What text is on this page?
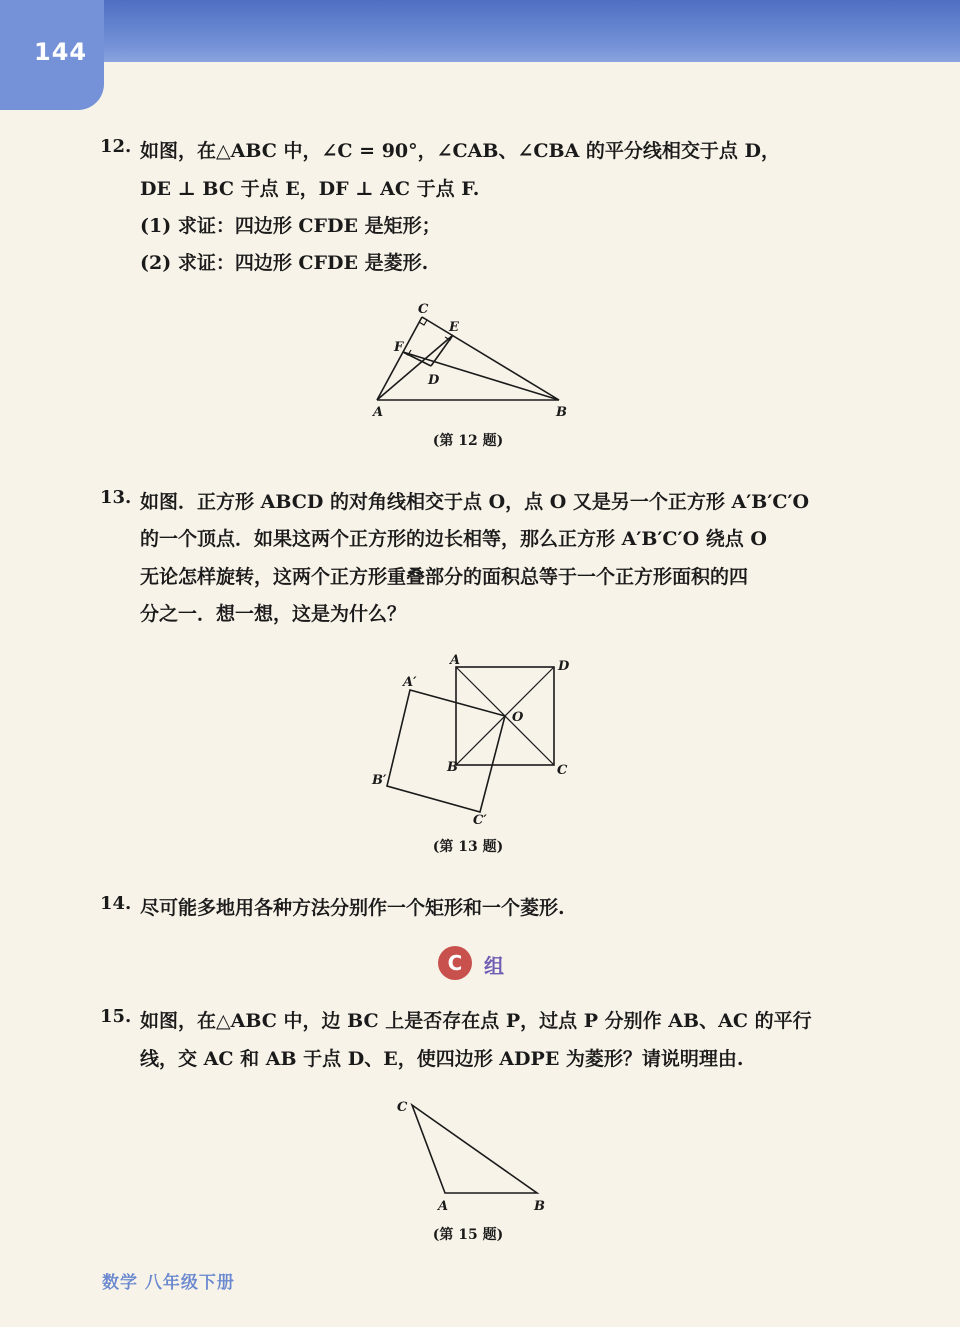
144
12. 如图，在△ABC 中，∠C = 90°，∠CAB、∠CBA 的平分线相交于点 D，
DE ⊥ BC 于点 E，DF ⊥ AC 于点 F.
(1) 求证：四边形 CFDE 是矩形；
(2) 求证：四边形 CFDE 是菱形.
C
E
F
D
A	B
(第 12 题)
13. 如图．正方形 ABCD 的对角线相交于点 O，点 O 又是另一个正方形 A′B′C′O
的一个顶点．如果这两个正方形的边长相等，那么正方形 A′B′C′O 绕点 O
无论怎样旋转，这两个正方形重叠部分的面积总等于一个正方形面积的四
分之一．想一想，这是为什么？
A	D
A′
O
B	C
B′
C′
(第 13 题)
14. 尽可能多地用各种方法分别作一个矩形和一个菱形.
C	组
15. 如图，在△ABC 中，边 BC 上是否存在点 P，过点 P 分别作 AB、AC 的平行
线，交 AC 和 AB 于点 D、E，使四边形 ADPE 为菱形？请说明理由.
C
A	B
(第 15 题)
数学 八年级下册
